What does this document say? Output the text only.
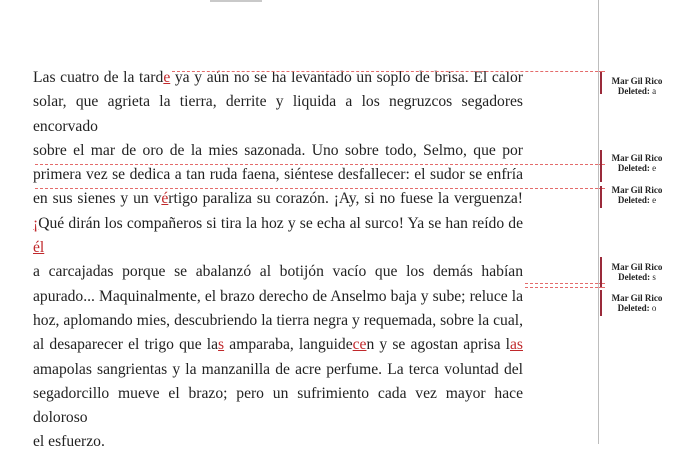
Las cuatro de la tarde ya y aún no se ha levantado un soplo de brisa. El calor
solar, que agrieta la tierra, derrite y liquida a los negruzcos segadores encorvado
sobre el mar de oro de la mies sazonada. Uno sobre todo, Selmo, que por
primera vez se dedica a tan ruda faena, siéntese desfallecer: el sudor se enfría
en sus sienes y un vértigo paraliza su corazón. ¡Ay, si no fuese la verguenza!
¡Qué dirán los compañeros si tira la hoz y se echa al surco! Ya se han reído de él
a carcajadas porque se abalanzó al botijón vacío que los demás habían
apurado... Maquinalmente, el brazo derecho de Anselmo baja y sube; reluce la
hoz, aplomando mies, descubriendo la tierra negra y requemada, sobre la cual,
al desaparecer el trigo que las amparaba, languidecen y se agostan aprisa las
amapolas sangrientas y la manzanilla de acre perfume. La terca voluntad del
segadorcillo mueve el brazo; pero un sufrimiento cada vez mayor hace doloroso
el esfuerzo.
Mar Gil Rico
Deleted: a
Mar Gil Rico
Deleted: e
Mar Gil Rico
Deleted: e
Mar Gil Rico
Deleted: s
Mar Gil Rico
Deleted: o
